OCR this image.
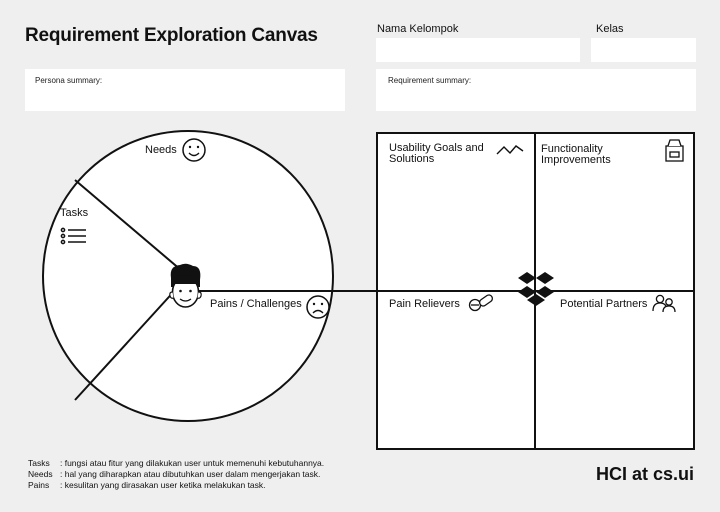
Requirement Exploration Canvas	Nama Kelompok	Kelas
Persona summary:	Requirement summary:
Needs
Tasks
Pains / Challenges
Usability Goals and
Solutions
Functionality
Improvements
Pain Relievers	Potential Partners
Tasks : fungsi atau fitur yang dilakukan user untuk memenuhi kebutuhannya.
Needs : hal yang diharapkan atau dibutuhkan user dalam mengerjakan task.
Pains : kesulitan yang dirasakan user ketika melakukan task.
HCI at cs.ui
